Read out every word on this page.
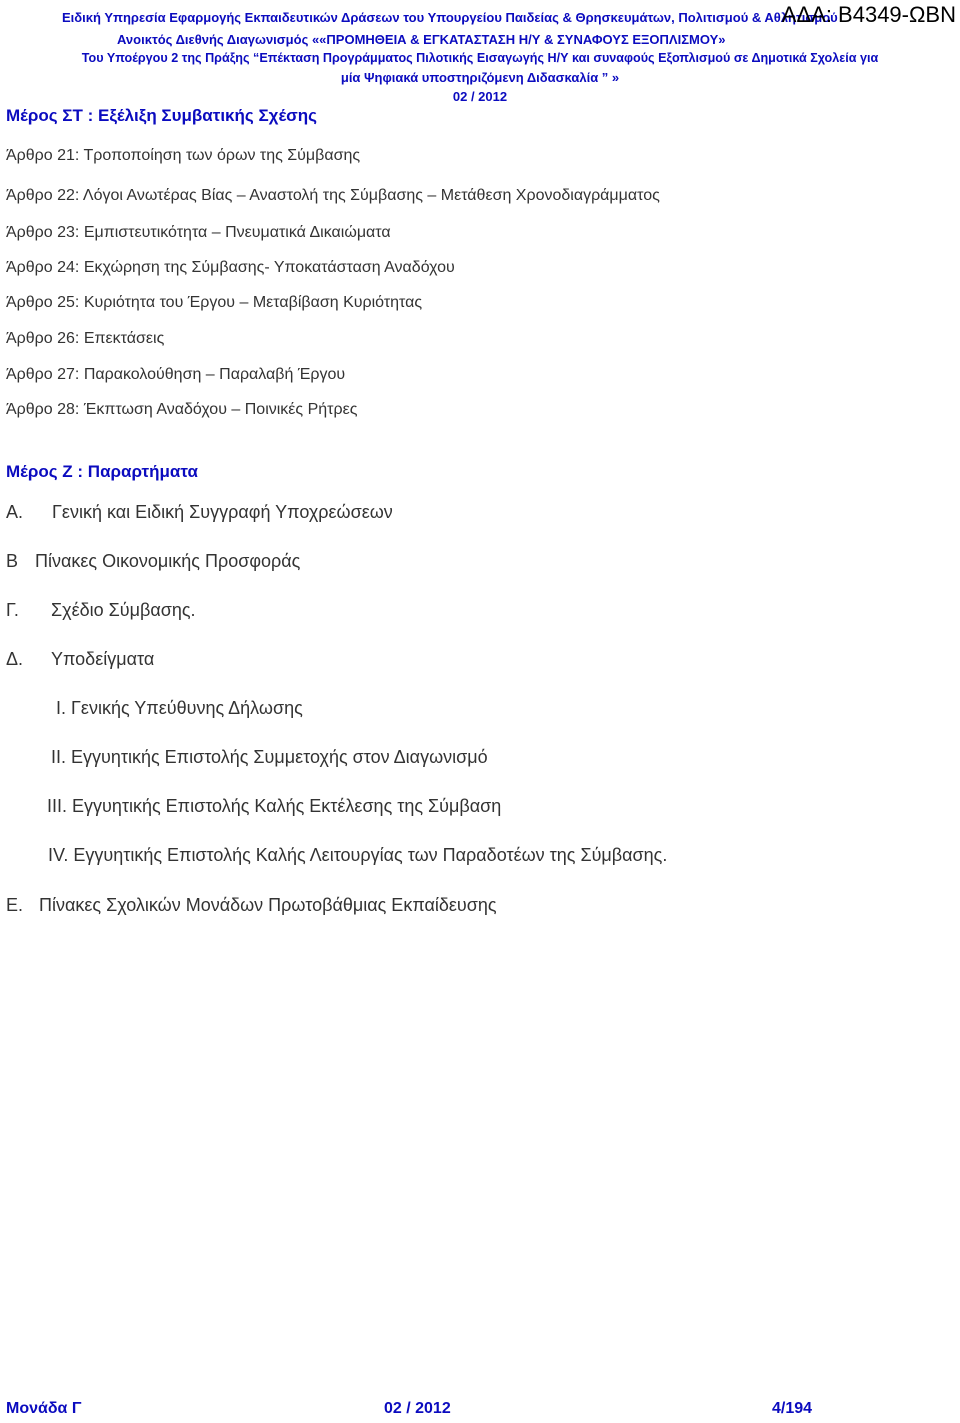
Ειδική Υπηρεσία Εφαρμογής Εκπαιδευτικών Δράσεων του Υπουργείου Παιδείας & Θρησκευμάτων, Πολιτισμού & Αθλητισμού
Ανοικτός Διεθνής Διαγωνισμός ««ΠΡΟΜΗΘΕΙΑ & ΕΓΚΑΤΑΣΤΑΣΗ Η/Υ & ΣΥΝΑΦΟΥΣ ΕΞΟΠΛΙΣΜΟΥ»
Του Υποέργου 2 της Πράξης “Επέκταση Προγράμματος Πιλοτικής Εισαγωγής Η/Υ και συναφούς Εξοπλισμού σε Δημοτικά Σχολεία για
μία Ψηφιακά υποστηριζόμενη Διδασκαλία ” »
02 / 2012
ΑΔΑ: Β4349-ΩΒΝ
Μέρος ΣΤ : Εξέλιξη Συμβατικής Σχέσης
Άρθρο 21: Τροποποίηση των όρων της Σύμβασης
Άρθρο 22: Λόγοι Ανωτέρας Βίας – Αναστολή της Σύμβασης – Μετάθεση Χρονοδιαγράμματος
Άρθρο 23: Εμπιστευτικότητα – Πνευματικά Δικαιώματα
Άρθρο 24: Εκχώρηση της Σύμβασης- Υποκατάσταση Αναδόχου
Άρθρο 25: Κυριότητα του Έργου – Μεταβίβαση Κυριότητας
Άρθρο 26: Επεκτάσεις
Άρθρο 27: Παρακολούθηση – Παραλαβή Έργου
Άρθρο 28: Έκπτωση Αναδόχου – Ποινικές Ρήτρες
Μέρος Ζ : Παραρτήματα
Α. Γενική και Ειδική Συγγραφή Υποχρεώσεων
Β Πίνακες Οικονομικής Προσφοράς
Γ. Σχέδιο Σύμβασης.
Δ. Υποδείγματα
I. Γενικής Υπεύθυνης Δήλωσης
II. Εγγυητικής Επιστολής Συμμετοχής στον Διαγωνισμό
III. Εγγυητικής Επιστολής Καλής Εκτέλεσης της Σύμβαση
IV. Εγγυητικής Επιστολής Καλής Λειτουργίας των Παραδοτέων της Σύμβασης.
Ε. Πίνακες Σχολικών Μονάδων Πρωτοβάθμιας Εκπαίδευσης
Μονάδα Γ	02 / 2012	4/194
